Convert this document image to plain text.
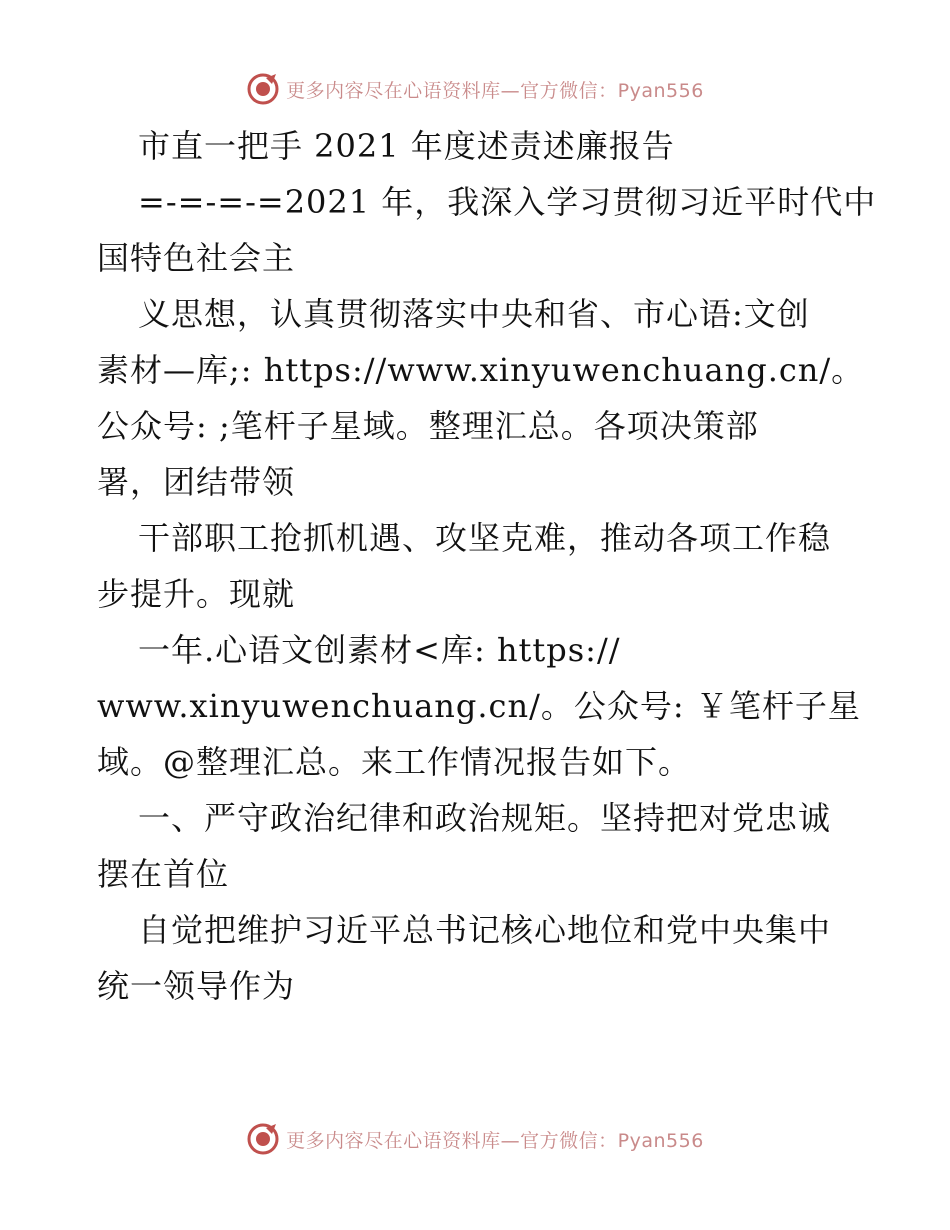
更多内容尽在心语资料库—官方微信：Pyan556
市直一把手 2021 年度述责述廉报告
=-=-=-=2021 年，我深入学习贯彻习近平时代中
国特色社会主
义思想，认真贯彻落实中央和省、市心语:文创
素材—库;: https://www.xinyuwenchuang.cn/。
公众号: ;笔杆子星域。整理汇总。各项决策部
署，团结带领
干部职工抢抓机遇、攻坚克难，推动各项工作稳
步提升。现就
一年.心语文创素材<库: https://
www.xinyuwenchuang.cn/。公众号: ￥笔杆子星
域。@整理汇总。来工作情况报告如下。
一、严守政治纪律和政治规矩。坚持把对党忠诚
摆在首位
自觉把维护习近平总书记核心地位和党中央集中
统一领导作为
更多内容尽在心语资料库—官方微信：Pyan556
